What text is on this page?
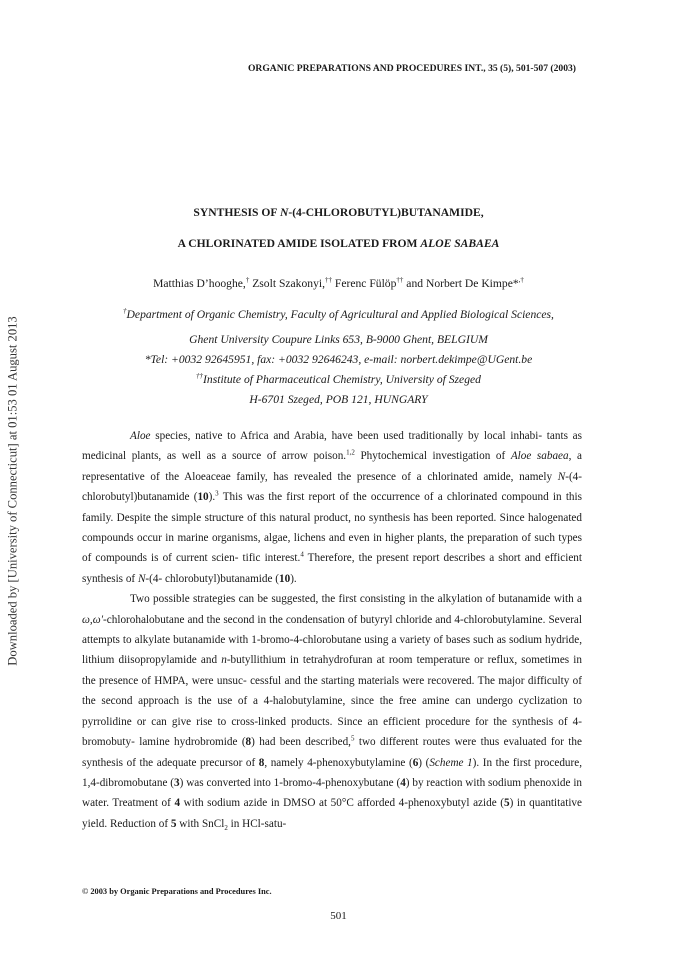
Downloaded by [University of Connecticut] at 01:53 01 August 2013
ORGANIC PREPARATIONS AND PROCEDURES INT., 35 (5), 501-507 (2003)
SYNTHESIS OF N-(4-CHLOROBUTYL)BUTANAMIDE,
A CHLORINATED AMIDE ISOLATED FROM ALOE SABAEA
Matthias D’hooghe,† Zsolt Szakonyi,†† Ferenc Fülöp†† and Norbert De Kimpe*,†
†Department of Organic Chemistry, Faculty of Agricultural and Applied Biological Sciences,
Ghent University Coupure Links 653, B-9000 Ghent, BELGIUM
*Tel: +0032 92645951, fax: +0032 92646243, e-mail: norbert.dekimpe@UGent.be
††Institute of Pharmaceutical Chemistry, University of Szeged
H-6701 Szeged, POB 121, HUNGARY

Aloe species, native to Africa and Arabia, have been used traditionally by local inhabi- tants as medicinal plants, as well as a source of arrow poison.$^{1,2}$ Phytochemical investigation of Aloe sabaea, a representative of the Aloeaceae family, has revealed the presence of a chlorinated amide, namely N-(4-chlorobutyl)butanamide (10).$^3$ This was the first report of the occurrence of a chlorinated compound in this family. Despite the simple structure of this natural product, no synthesis has been reported. Since halogenated compounds occur in marine organisms, algae, lichens and even in higher plants, the preparation of such types of compounds is of current scien- tific interest.$^4$ Therefore, the present report describes a short and efficient synthesis of N-(4- chlorobutyl)butanamide (10).

Two possible strategies can be suggested, the first consisting in the alkylation of butanamide with a ω,ω′-chlorohalobutane and the second in the condensation of butyryl chloride and 4-chlorobutylamine. Several attempts to alkylate butanamide with 1-bromo-4-chlorobutane using a variety of bases such as sodium hydride, lithium diisopropylamide and n-butyllithium in tetrahydrofuran at room temperature or reflux, sometimes in the presence of HMPA, were unsuc- cessful and the starting materials were recovered. The major difficulty of the second approach is the use of a 4-halobutylamine, since the free amine can undergo cyclization to pyrrolidine or can give rise to cross-linked products. Since an efficient procedure for the synthesis of 4-bromobuty- lamine hydrobromide (8) had been described,$^5$ two different routes were thus evaluated for the synthesis of the adequate precursor of 8, namely 4-phenoxybutylamine (6) (Scheme 1). In the first procedure, 1,4-dibromobutane (3) was converted into 1-bromo-4-phenoxybutane (4) by reaction with sodium phenoxide in water. Treatment of 4 with sodium azide in DMSO at 50°C afforded 4-phenoxybutyl azide (5) in quantitative yield. Reduction of 5 with SnCl$_2$ in HCl-satu-

© 2003 by Organic Preparations and Procedures Inc.
501
